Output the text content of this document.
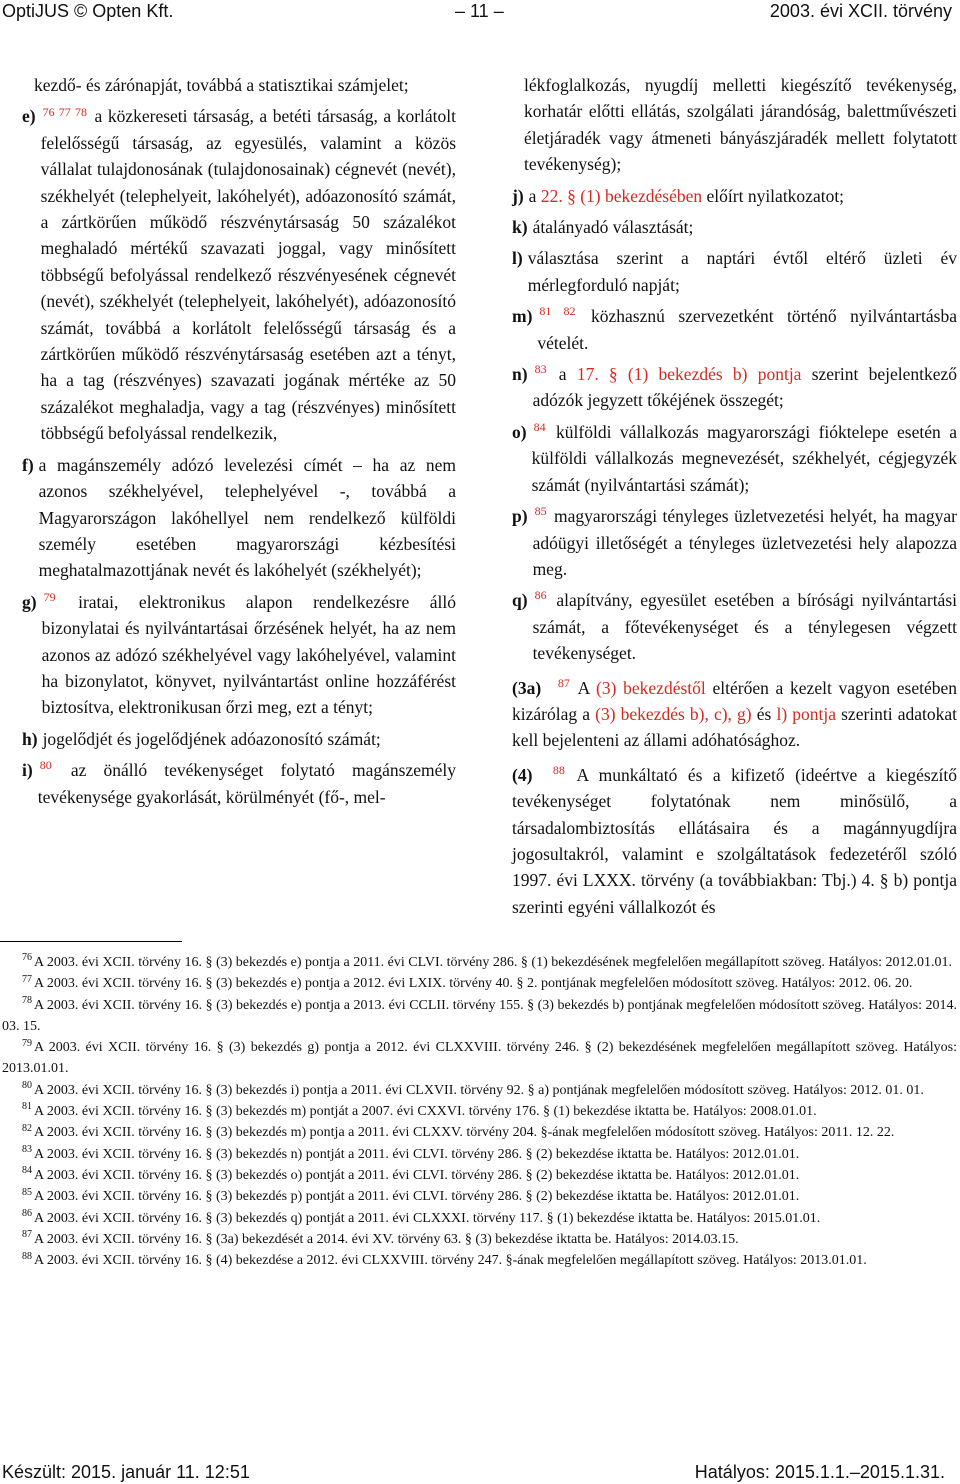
OptiJUS © Opten Kft.	– 11 –	2003. évi XCII. törvény
kezdő- és zárónapját, továbbá a statisztikai számjelet;
e) $^{76 77 78}$ a közkereseti társaság, a betéti társaság, a korlátolt felelősségű társaság, az egyesülés, valamint a közös vállalat tulajdonosának (tulajdonosainak) cégnevét (nevét), székhelyét (telephelyeit, lakóhelyét), adóazonosító számát, a zártkörűen működő részvénytársaság 50 százalékot meghaladó mértékű szavazati joggal, vagy minősített többségű befolyással rendelkező részvényesének cégnevét (nevét), székhelyét (telephelyeit, lakóhelyét), adóazonosító számát, továbbá a korlátolt felelősségű társaság és a zártkörűen működő részvénytársaság esetében azt a tényt, ha a tag (részvényes) szavazati jogának mértéke az 50 százalékot meghaladja, vagy a tag (részvényes) minősített többségű befolyással rendelkezik,
f) a magánszemély adózó levelezési címét – ha az nem azonos székhelyével, telephelyével -, továbbá a Magyarországon lakóhellyel nem rendelkező külföldi személy esetében magyarországi kézbesítési meghatalmazottjának nevét és lakóhelyét (székhelyét);
g) $^{79}$ iratai, elektronikus alapon rendelkezésre álló bizonylatai és nyilvántartásai őrzésének helyét, ha az nem azonos az adózó székhelyével vagy lakóhelyével, valamint ha bizonylatot, könyvet, nyilvántartást online hozzáférést biztosítva, elektronikusan őrzi meg, ezt a tényt;
h) jogelődjét és jogelődjének adóazonosító számát;
i) $^{80}$ az önálló tevékenységet folytató magánszemély tevékenysége gyakorlását, körülményét (fő-, mel-
lékfoglalkozás, nyugdíj melletti kiegészítő tevékenység, korhatár előtti ellátás, szolgálati járandóság, balettművészeti életjáradék vagy átmeneti bányászjáradék mellett folytatott tevékenység);
j) a 22. § (1) bekezdésében előírt nyilatkozatot;
k) átalányadó választását;
l) választása szerint a naptári évtől eltérő üzleti év mérlegforduló napját;
m) $^{81 82}$ közhasznú szervezetként történő nyilvántartásba vételét.
n) $^{83}$ a 17. § (1) bekezdés b) pontja szerint bejelentkező adózók jegyzett tőkéjének összegét;
o) $^{84}$ külföldi vállalkozás magyarországi fióktelepe esetén a külföldi vállalkozás megnevezését, székhelyét, cégjegyzék számát (nyilvántartási számát);
p) $^{85}$ magyarországi tényleges üzletvezetési helyét, ha magyar adóügyi illetőségét a tényleges üzletvezetési hely alapozza meg.
q) $^{86}$ alapítvány, egyesület esetében a bírósági nyilvántartási számát, a főtevékenységet és a ténylegesen végzett tevékenységet.
(3a) $^{87}$ A (3) bekezdéstől eltérően a kezelt vagyon esetében kizárólag a (3) bekezdés b), c), g) és l) pontja szerinti adatokat kell bejelenteni az állami adóhatósághoz.
(4) $^{88}$ A munkáltató és a kifizető (ideértve a kiegészítő tevékenységet folytatónak nem minősülő, a társadalombiztosítás ellátásaira és a magánnyugdíjra jogosultakról, valamint e szolgáltatások fedezetéről szóló 1997. évi LXXX. törvény (a továbbiakban: Tbj.) 4. § b) pontja szerinti egyéni vállalkozót és

$^{76}$ A 2003. évi XCII. törvény 16. § (3) bekezdés e) pontja a 2011. évi CLVI. törvény 286. § (1) bekezdésének megfelelően megállapított szöveg. Hatályos: 2012.01.01.

$^{77}$ A 2003. évi XCII. törvény 16. § (3) bekezdés e) pontja a 2012. évi LXIX. törvény 40. § 2. pontjának megfelelően módosított szöveg. Hatályos: 2012. 06. 20.

$^{78}$ A 2003. évi XCII. törvény 16. § (3) bekezdés e) pontja a 2013. évi CCLII. törvény 155. § (3) bekezdés b) pontjának megfelelően módosított szöveg. Hatályos: 2014. 03. 15.

$^{79}$ A 2003. évi XCII. törvény 16. § (3) bekezdés g) pontja a 2012. évi CLXXVIII. törvény 246. § (2) bekezdésének megfelelően megállapított szöveg. Hatályos: 2013.01.01.

$^{80}$ A 2003. évi XCII. törvény 16. § (3) bekezdés i) pontja a 2011. évi CLXVII. törvény 92. § a) pontjának megfelelően módosított szöveg. Hatályos: 2012. 01. 01.

$^{81}$ A 2003. évi XCII. törvény 16. § (3) bekezdés m) pontját a 2007. évi CXXVI. törvény 176. § (1) bekezdése iktatta be. Hatályos: 2008.01.01.

$^{82}$ A 2003. évi XCII. törvény 16. § (3) bekezdés m) pontja a 2011. évi CLXXV. törvény 204. §-ának megfelelően módosított szöveg. Hatályos: 2011. 12. 22.

$^{83}$ A 2003. évi XCII. törvény 16. § (3) bekezdés n) pontját a 2011. évi CLVI. törvény 286. § (2) bekezdése iktatta be. Hatályos: 2012.01.01.

$^{84}$ A 2003. évi XCII. törvény 16. § (3) bekezdés o) pontját a 2011. évi CLVI. törvény 286. § (2) bekezdése iktatta be. Hatályos: 2012.01.01.

$^{85}$ A 2003. évi XCII. törvény 16. § (3) bekezdés p) pontját a 2011. évi CLVI. törvény 286. § (2) bekezdése iktatta be. Hatályos: 2012.01.01.

$^{86}$ A 2003. évi XCII. törvény 16. § (3) bekezdés q) pontját a 2011. évi CLXXXI. törvény 117. § (1) bekezdése iktatta be. Hatályos: 2015.01.01.

$^{87}$ A 2003. évi XCII. törvény 16. § (3a) bekezdését a 2014. évi XV. törvény 63. § (3) bekezdése iktatta be. Hatályos: 2014.03.15.

$^{88}$ A 2003. évi XCII. törvény 16. § (4) bekezdése a 2012. évi CLXXVIII. törvény 247. §-ának megfelelően megállapított szöveg. Hatályos: 2013.01.01.

Készült: 2015. január 11. 12:51	Hatályos: 2015.1.1.–2015.1.31.
